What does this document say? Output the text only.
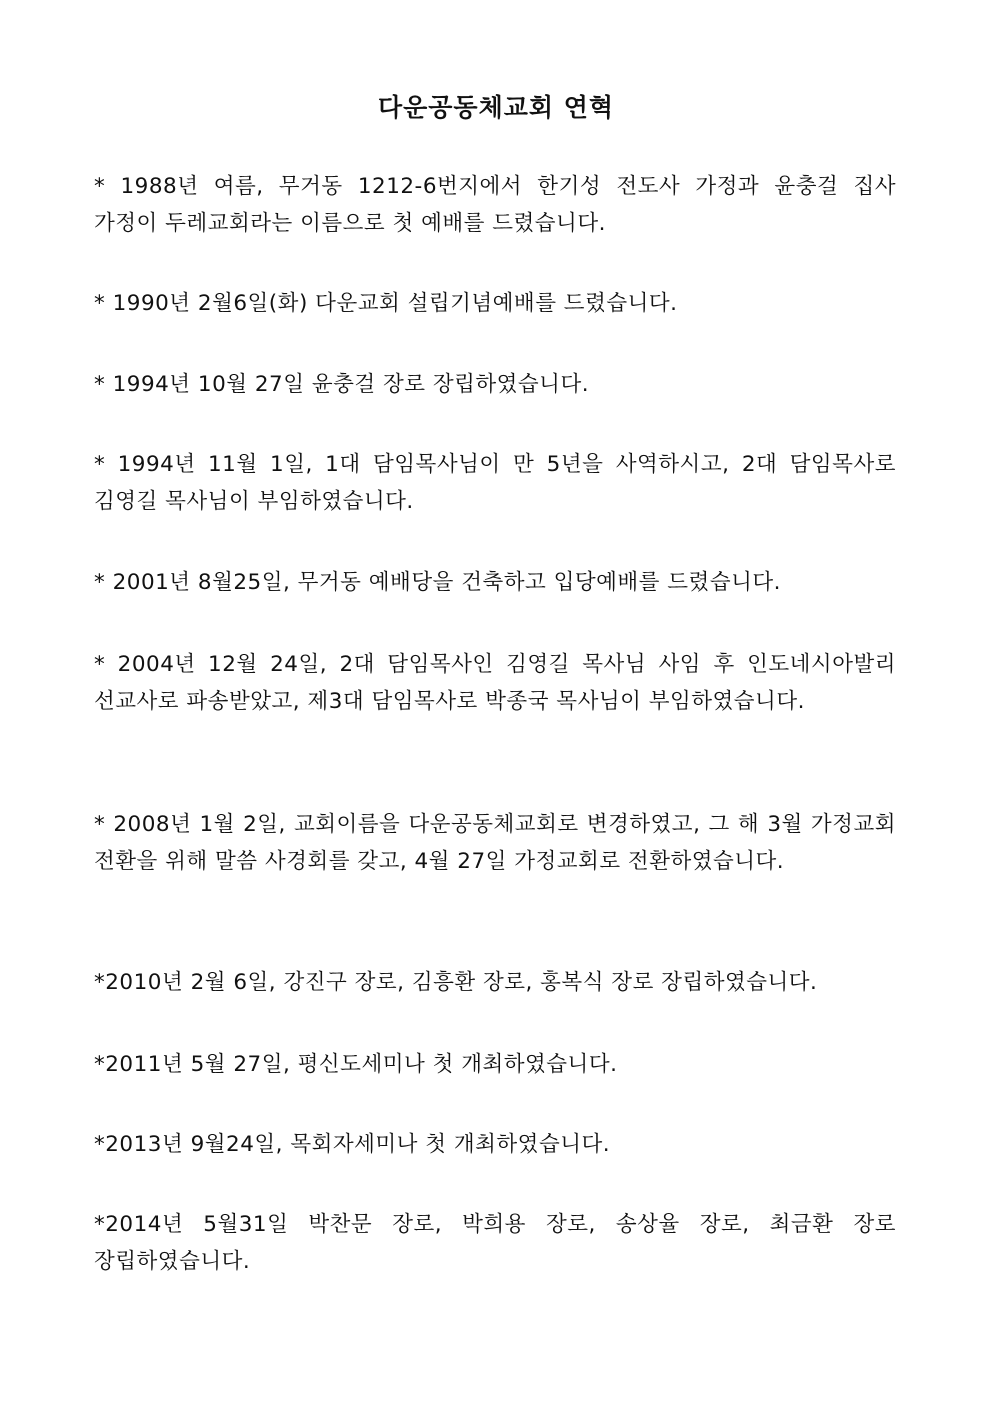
다운공동체교회 연혁
* 1988년 여름, 무거동 1212-6번지에서 한기성 전도사 가정과 윤충걸 집사 가정이 두레교회라는 이름으로 첫 예배를 드렸습니다.
* 1990년 2월6일(화) 다운교회 설립기념예배를 드렸습니다.
* 1994년 10월 27일 윤충걸 장로 장립하였습니다.
* 1994년 11월 1일, 1대 담임목사님이 만 5년을 사역하시고, 2대 담임목사로 김영길 목사님이 부임하였습니다.
* 2001년 8월25일, 무거동 예배당을 건축하고 입당예배를 드렸습니다.
* 2004년 12월 24일, 2대 담임목사인 김영길 목사님 사임 후 인도네시아발리 선교사로 파송받았고, 제3대 담임목사로 박종국 목사님이 부임하였습니다.
* 2008년 1월 2일, 교회이름을 다운공동체교회로 변경하였고, 그 해 3월 가정교회 전환을 위해 말씀 사경회를 갖고, 4월 27일 가정교회로 전환하였습니다.
*2010년 2월 6일, 강진구 장로, 김흥환 장로, 홍복식 장로 장립하였습니다.
*2011년 5월 27일, 평신도세미나 첫 개최하였습니다.
*2013년 9월24일, 목회자세미나 첫 개최하였습니다.
*2014년 5월31일 박찬문 장로, 박희용 장로, 송상율 장로, 최금환 장로 장립하였습니다.
